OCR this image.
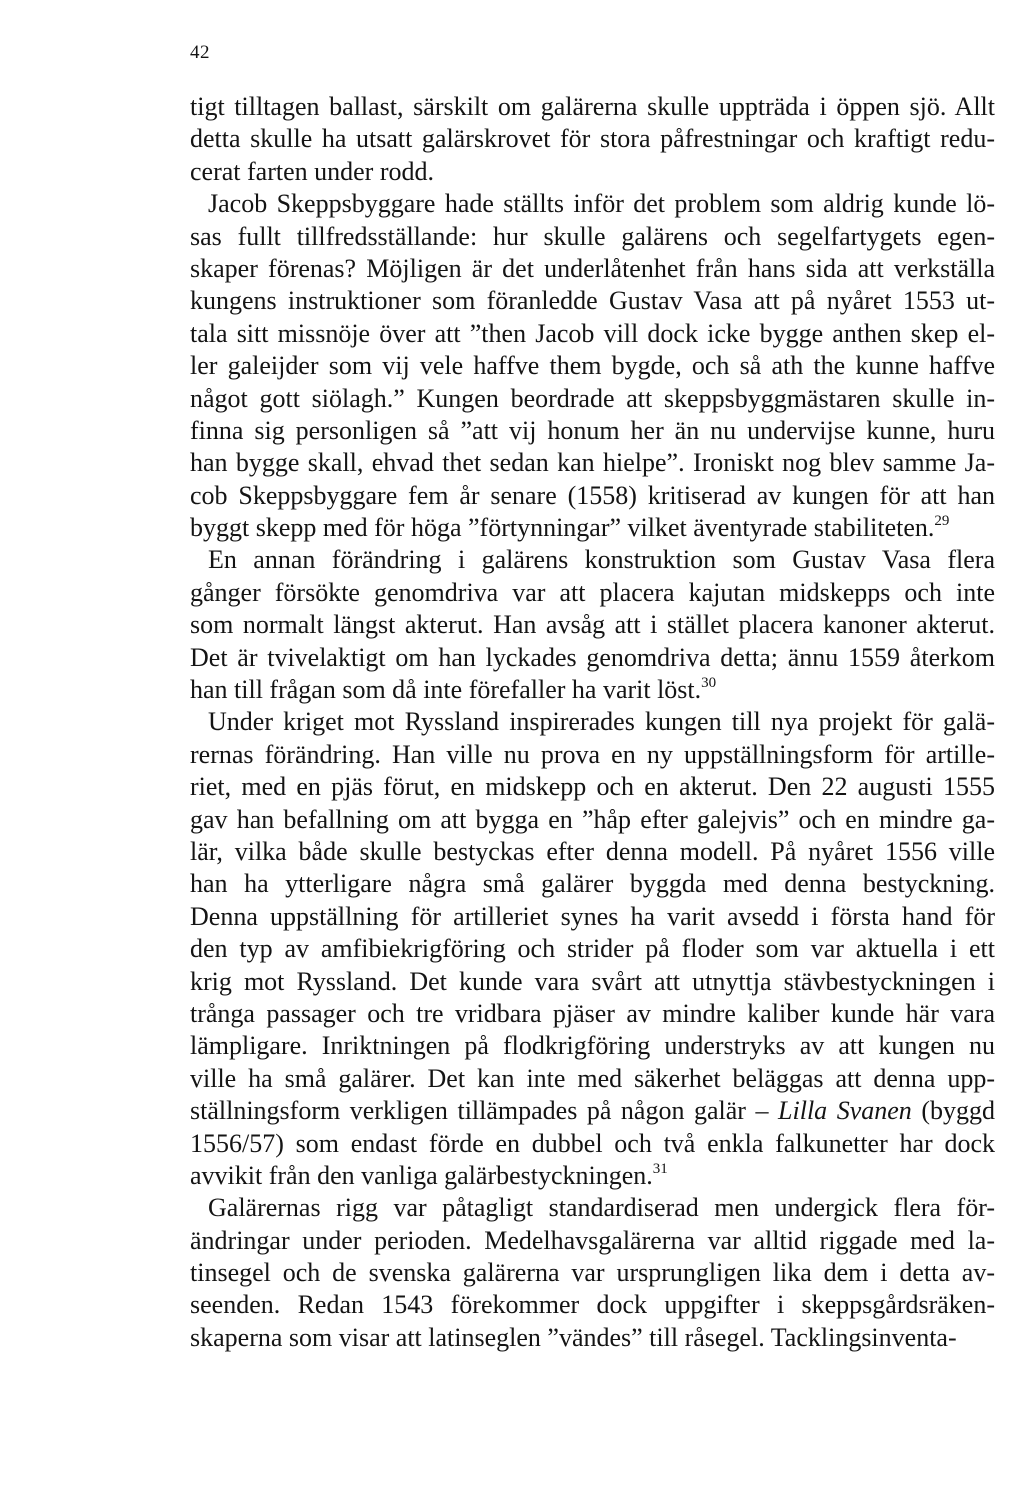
42
tigt tilltagen ballast, särskilt om galärerna skulle uppträda i öppen sjö. Allt
detta skulle ha utsatt galärskrovet för stora påfrestningar och kraftigt redu-
cerat farten under rodd.
Jacob Skeppsbyggare hade ställts inför det problem som aldrig kunde lö-
sas fullt tillfredsställande: hur skulle galärens och segelfartygets egen-
skaper förenas? Möjligen är det underlåtenhet från hans sida att verkställa
kungens instruktioner som föranledde Gustav Vasa att på nyåret 1553 ut-
tala sitt missnöje över att ”then Jacob vill dock icke bygge anthen skep el-
ler galeijder som vij vele haffve them bygde, och så ath the kunne haffve
något gott siölagh.” Kungen beordrade att skeppsbyggmästaren skulle in-
finna sig personligen så ”att vij honum her än nu undervijse kunne, huru
han bygge skall, ehvad thet sedan kan hielpe”. Ironiskt nog blev samme Ja-
cob Skeppsbyggare fem år senare (1558) kritiserad av kungen för att han
byggt skepp med för höga ”förtynningar” vilket äventyrade stabiliteten.$^{29}$
En annan förändring i galärens konstruktion som Gustav Vasa flera
gånger försökte genomdriva var att placera kajutan midskepps och inte
som normalt längst akterut. Han avsåg att i stället placera kanoner akterut.
Det är tvivelaktigt om han lyckades genomdriva detta; ännu 1559 återkom
han till frågan som då inte förefaller ha varit löst.$^{30}$
Under kriget mot Ryssland inspirerades kungen till nya projekt för galä-
rernas förändring. Han ville nu prova en ny uppställningsform för artille-
riet, med en pjäs förut, en midskepp och en akterut. Den 22 augusti 1555
gav han befallning om att bygga en ”håp efter galejvis” och en mindre ga-
lär, vilka både skulle bestyckas efter denna modell. På nyåret 1556 ville
han ha ytterligare några små galärer byggda med denna bestyckning.
Denna uppställning för artilleriet synes ha varit avsedd i första hand för
den typ av amfibiekrigföring och strider på floder som var aktuella i ett
krig mot Ryssland. Det kunde vara svårt att utnyttja stävbestyckningen i
trånga passager och tre vridbara pjäser av mindre kaliber kunde här vara
lämpligare. Inriktningen på flodkrigföring understryks av att kungen nu
ville ha små galärer. Det kan inte med säkerhet beläggas att denna upp-
ställningsform verkligen tillämpades på någon galär – Lilla Svanen (byggd
1556/57) som endast förde en dubbel och två enkla falkunetter har dock
avvikit från den vanliga galärbestyckningen.$^{31}$
Galärernas rigg var påtagligt standardiserad men undergick flera för-
ändringar under perioden. Medelhavsgalärerna var alltid riggade med la-
tinsegel och de svenska galärerna var ursprungligen lika dem i detta av-
seenden. Redan 1543 förekommer dock uppgifter i skeppsgårdsräken-
skaperna som visar att latinseglen ”vändes” till råsegel. Tacklingsinventa-
